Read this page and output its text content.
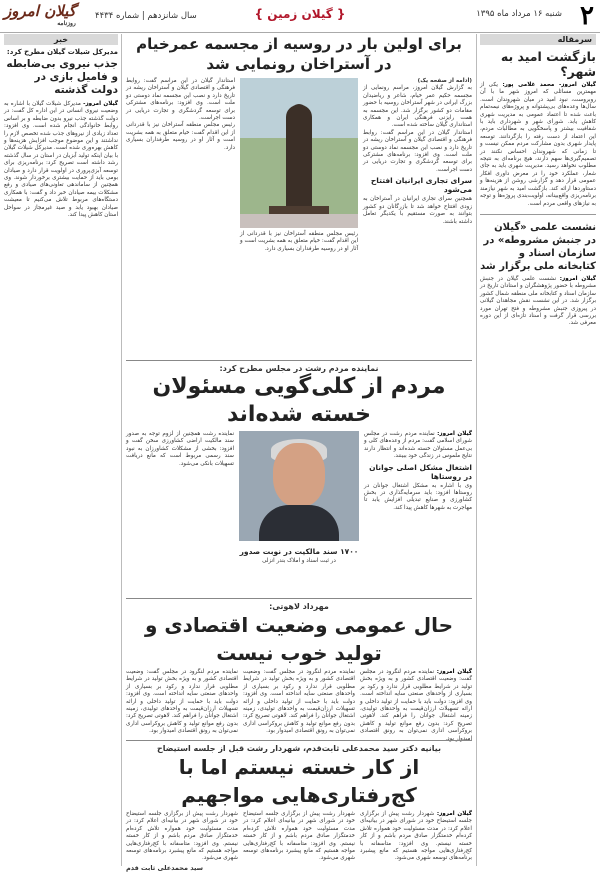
۲
شنبه ۱۶ مرداد ماه ۱۳۹۵
{ گیلان زمین }
سال شانزدهم | شماره ۴۴۳۴
گیلان امروز
روزنامه
سرمقاله
بازگشت امید به شهر؟
گیلان امروز- محمد غلامی پور: یکی از مهمترین مسائلی که امروز شهر ما با آن روبروست، نبود امید در میان شهروندان است. سال‌ها وعده‌های بی‌پشتوانه و پروژه‌های نیمه‌تمام باعث شده تا اعتماد عمومی به مدیریت شهری کاهش یابد. شورای شهر و شهرداری باید با شفافیت بیشتر و پاسخگویی به مطالبات مردم، این اعتماد از دست رفته را بازگردانند. توسعه پایدار شهری بدون مشارکت مردم ممکن نیست و تا زمانی که شهروندان احساس نکنند در تصمیم‌گیری‌ها سهم دارند، هیچ برنامه‌ای به نتیجه مطلوب نخواهد رسید. مدیریت شهری باید به جای شعار، عملکرد خود را در معرض داوری افکار عمومی قرار دهد و گزارشی روشن از هزینه‌ها و دستاوردها ارائه کند. بازگشت امید به شهر نیازمند برنامه‌ریزی واقع‌بینانه، اولویت‌بندی پروژه‌ها و توجه به نیازهای واقعی مردم است.
نشست علمی «گیلان در جنبش مشروطه» در سازمان اسناد و کتابخانه ملی برگزار شد
گیلان امروز: نشست علمی گیلان در جنبش مشروطه با حضور پژوهشگران و استادان تاریخ در سازمان اسناد و کتابخانه ملی منطقه شمال کشور برگزار شد. در این نشست نقش مجاهدان گیلانی در پیروزی جنبش مشروطه و فتح تهران مورد بررسی قرار گرفت و اسناد تازه‌ای از این دوره معرفی شد.
خبر
مدیرکل شیلات گیلان مطرح کرد:
جذب نیروی بی‌ضابطه و فامیل بازی در دولت گذشته
گیلان امروز- مدیرکل شیلات گیلان با اشاره به وضعیت نیروی انسانی در این اداره کل گفت: در دولت گذشته جذب نیرو بدون ضابطه و بر اساس روابط خانوادگی انجام شده است. وی افزود: تعداد زیادی از نیروهای جذب شده تخصص لازم را نداشتند و این موضوع موجب افزایش هزینه‌ها و کاهش بهره‌وری شده است. مدیرکل شیلات گیلان با بیان اینکه تولید آبزیان در استان در سال گذشته رشد داشته است تصریح کرد: برنامه‌ریزی برای توسعه آبزی‌پروری در اولویت قرار دارد و صیادان بومی باید از حمایت بیشتری برخوردار شوند. وی همچنین از ساماندهی تعاونی‌های صیادی و رفع مشکلات بیمه صیادان خبر داد و گفت: با همکاری دستگاه‌های مربوط تلاش می‌کنیم تا معیشت صیادان بهبود یابد و صید غیرمجاز در سواحل استان کاهش پیدا کند.
برای اولین بار در روسیه از مجسمه عمرخیام در آستراخان رونمایی شد
(ادامه از صفحه یک)
به گزارش گیلان امروز، مراسم رونمایی از مجسمه حکیم عمر خیام، شاعر و ریاضیدان بزرگ ایرانی در شهر آستراخان روسیه با حضور مقامات دو کشور برگزار شد. این مجسمه به همت رایزنی فرهنگی ایران و همکاری استانداری گیلان ساخته شده است.
استاندار گیلان در این مراسم گفت: روابط فرهنگی و اقتصادی گیلان و آستراخان ریشه در تاریخ دارد و نصب این مجسمه نماد دوستی دو ملت است. وی افزود: برنامه‌های مشترکی برای توسعه گردشگری و تجارت دریایی در دست اجراست.
سرای تجاری ایرانیان افتتاح می‌شود
همچنین سرای تجاری ایرانیان در آستراخان به زودی افتتاح خواهد شد تا بازرگانان دو کشور بتوانند به صورت مستقیم با یکدیگر تعامل داشته باشند.
رئیس مجلس منطقه آستراخان نیز با قدردانی از این اقدام گفت: خیام متعلق به همه بشریت است و آثار او در روسیه طرفداران بسیاری دارد.
استاندار گیلان در این مراسم گفت: روابط فرهنگی و اقتصادی گیلان و آستراخان ریشه در تاریخ دارد و نصب این مجسمه نماد دوستی دو ملت است. وی افزود: برنامه‌های مشترکی برای توسعه گردشگری و تجارت دریایی در دست اجراست.
رئیس مجلس منطقه آستراخان نیز با قدردانی از این اقدام گفت: خیام متعلق به همه بشریت است و آثار او در روسیه طرفداران بسیاری دارد.
نماینده مردم رشت در مجلس مطرح کرد:
مردم از کلی‌گویی مسئولان خسته شده‌اند
گیلان امروز: نماینده مردم رشت در مجلس شورای اسلامی گفت: مردم از وعده‌های کلی و بی‌عمل مسئولان خسته شده‌اند و انتظار دارند نتایج ملموس در زندگی خود ببینند.
اشتغال مشکل اصلی جوانان در روستاها
وی با اشاره به مشکل اشتغال جوانان در روستاها افزود: باید سرمایه‌گذاری در بخش کشاورزی و صنایع تبدیلی افزایش یابد تا مهاجرت به شهرها کاهش پیدا کند.
۱۷۰۰ سند مالکیت در نوبت صدور
در ثبت اسناد و املاک بندر انزلی
نماینده رشت همچنین از لزوم توجه به صدور سند مالکیت اراضی کشاورزی سخن گفت و افزود: بخشی از مشکلات کشاورزان به نبود سند رسمی مربوط است که مانع دریافت تسهیلات بانکی می‌شود.
مهرداد لاهوتی:
حال عمومی وضعیت اقتصادی و تولید خوب نیست
گیلان امروز: نماینده مردم لنگرود در مجلس گفت: وضعیت اقتصادی کشور و به ویژه بخش تولید در شرایط مطلوبی قرار ندارد و رکود بر بسیاری از واحدهای صنعتی سایه انداخته است. وی افزود: دولت باید با حمایت از تولید داخلی و ارائه تسهیلات ارزان‌قیمت به واحدهای تولیدی، زمینه اشتغال جوانان را فراهم کند. لاهوتی تصریح کرد: بدون رفع موانع تولید و کاهش بروکراسی اداری نمی‌توان به رونق اقتصادی امیدوار بود.
نماینده مردم لنگرود در مجلس گفت: وضعیت اقتصادی کشور و به ویژه بخش تولید در شرایط مطلوبی قرار ندارد و رکود بر بسیاری از واحدهای صنعتی سایه انداخته است. وی افزود: دولت باید با حمایت از تولید داخلی و ارائه تسهیلات ارزان‌قیمت به واحدهای تولیدی، زمینه اشتغال جوانان را فراهم کند. لاهوتی تصریح کرد: بدون رفع موانع تولید و کاهش بروکراسی اداری نمی‌توان به رونق اقتصادی امیدوار بود.
نماینده مردم لنگرود در مجلس گفت: وضعیت اقتصادی کشور و به ویژه بخش تولید در شرایط مطلوبی قرار ندارد و رکود بر بسیاری از واحدهای صنعتی سایه انداخته است. وی افزود: دولت باید با حمایت از تولید داخلی و ارائه تسهیلات ارزان‌قیمت به واحدهای تولیدی، زمینه اشتغال جوانان را فراهم کند. لاهوتی تصریح کرد: بدون رفع موانع تولید و کاهش بروکراسی اداری نمی‌توان به رونق اقتصادی امیدوار بود.
بیانیه دکتر سید محمدعلی ثابت‌قدم، شهردار رشت قبل از جلسه استیضاح
از کار خسته نیستم اما با کج‌رفتاری‌هایی مواجهیم
گیلان امروز: شهردار رشت پیش از برگزاری جلسه استیضاح خود در شورای شهر در بیانیه‌ای اعلام کرد: در مدت مسئولیت خود همواره تلاش کرده‌ام خدمتگزار صادق مردم باشم و از کار خسته نیستم. وی افزود: متاسفانه با کج‌رفتاری‌هایی مواجه هستیم که مانع پیشبرد برنامه‌های توسعه شهری می‌شود.
شهردار رشت پیش از برگزاری جلسه استیضاح خود در شورای شهر در بیانیه‌ای اعلام کرد: در مدت مسئولیت خود همواره تلاش کرده‌ام خدمتگزار صادق مردم باشم و از کار خسته نیستم. وی افزود: متاسفانه با کج‌رفتاری‌هایی مواجه هستیم که مانع پیشبرد برنامه‌های توسعه شهری می‌شود.
شهردار رشت پیش از برگزاری جلسه استیضاح خود در شورای شهر در بیانیه‌ای اعلام کرد: در مدت مسئولیت خود همواره تلاش کرده‌ام خدمتگزار صادق مردم باشم و از کار خسته نیستم. وی افزود: متاسفانه با کج‌رفتاری‌هایی مواجه هستیم که مانع پیشبرد برنامه‌های توسعه شهری می‌شود.
سید محمدعلی ثابت قدم
